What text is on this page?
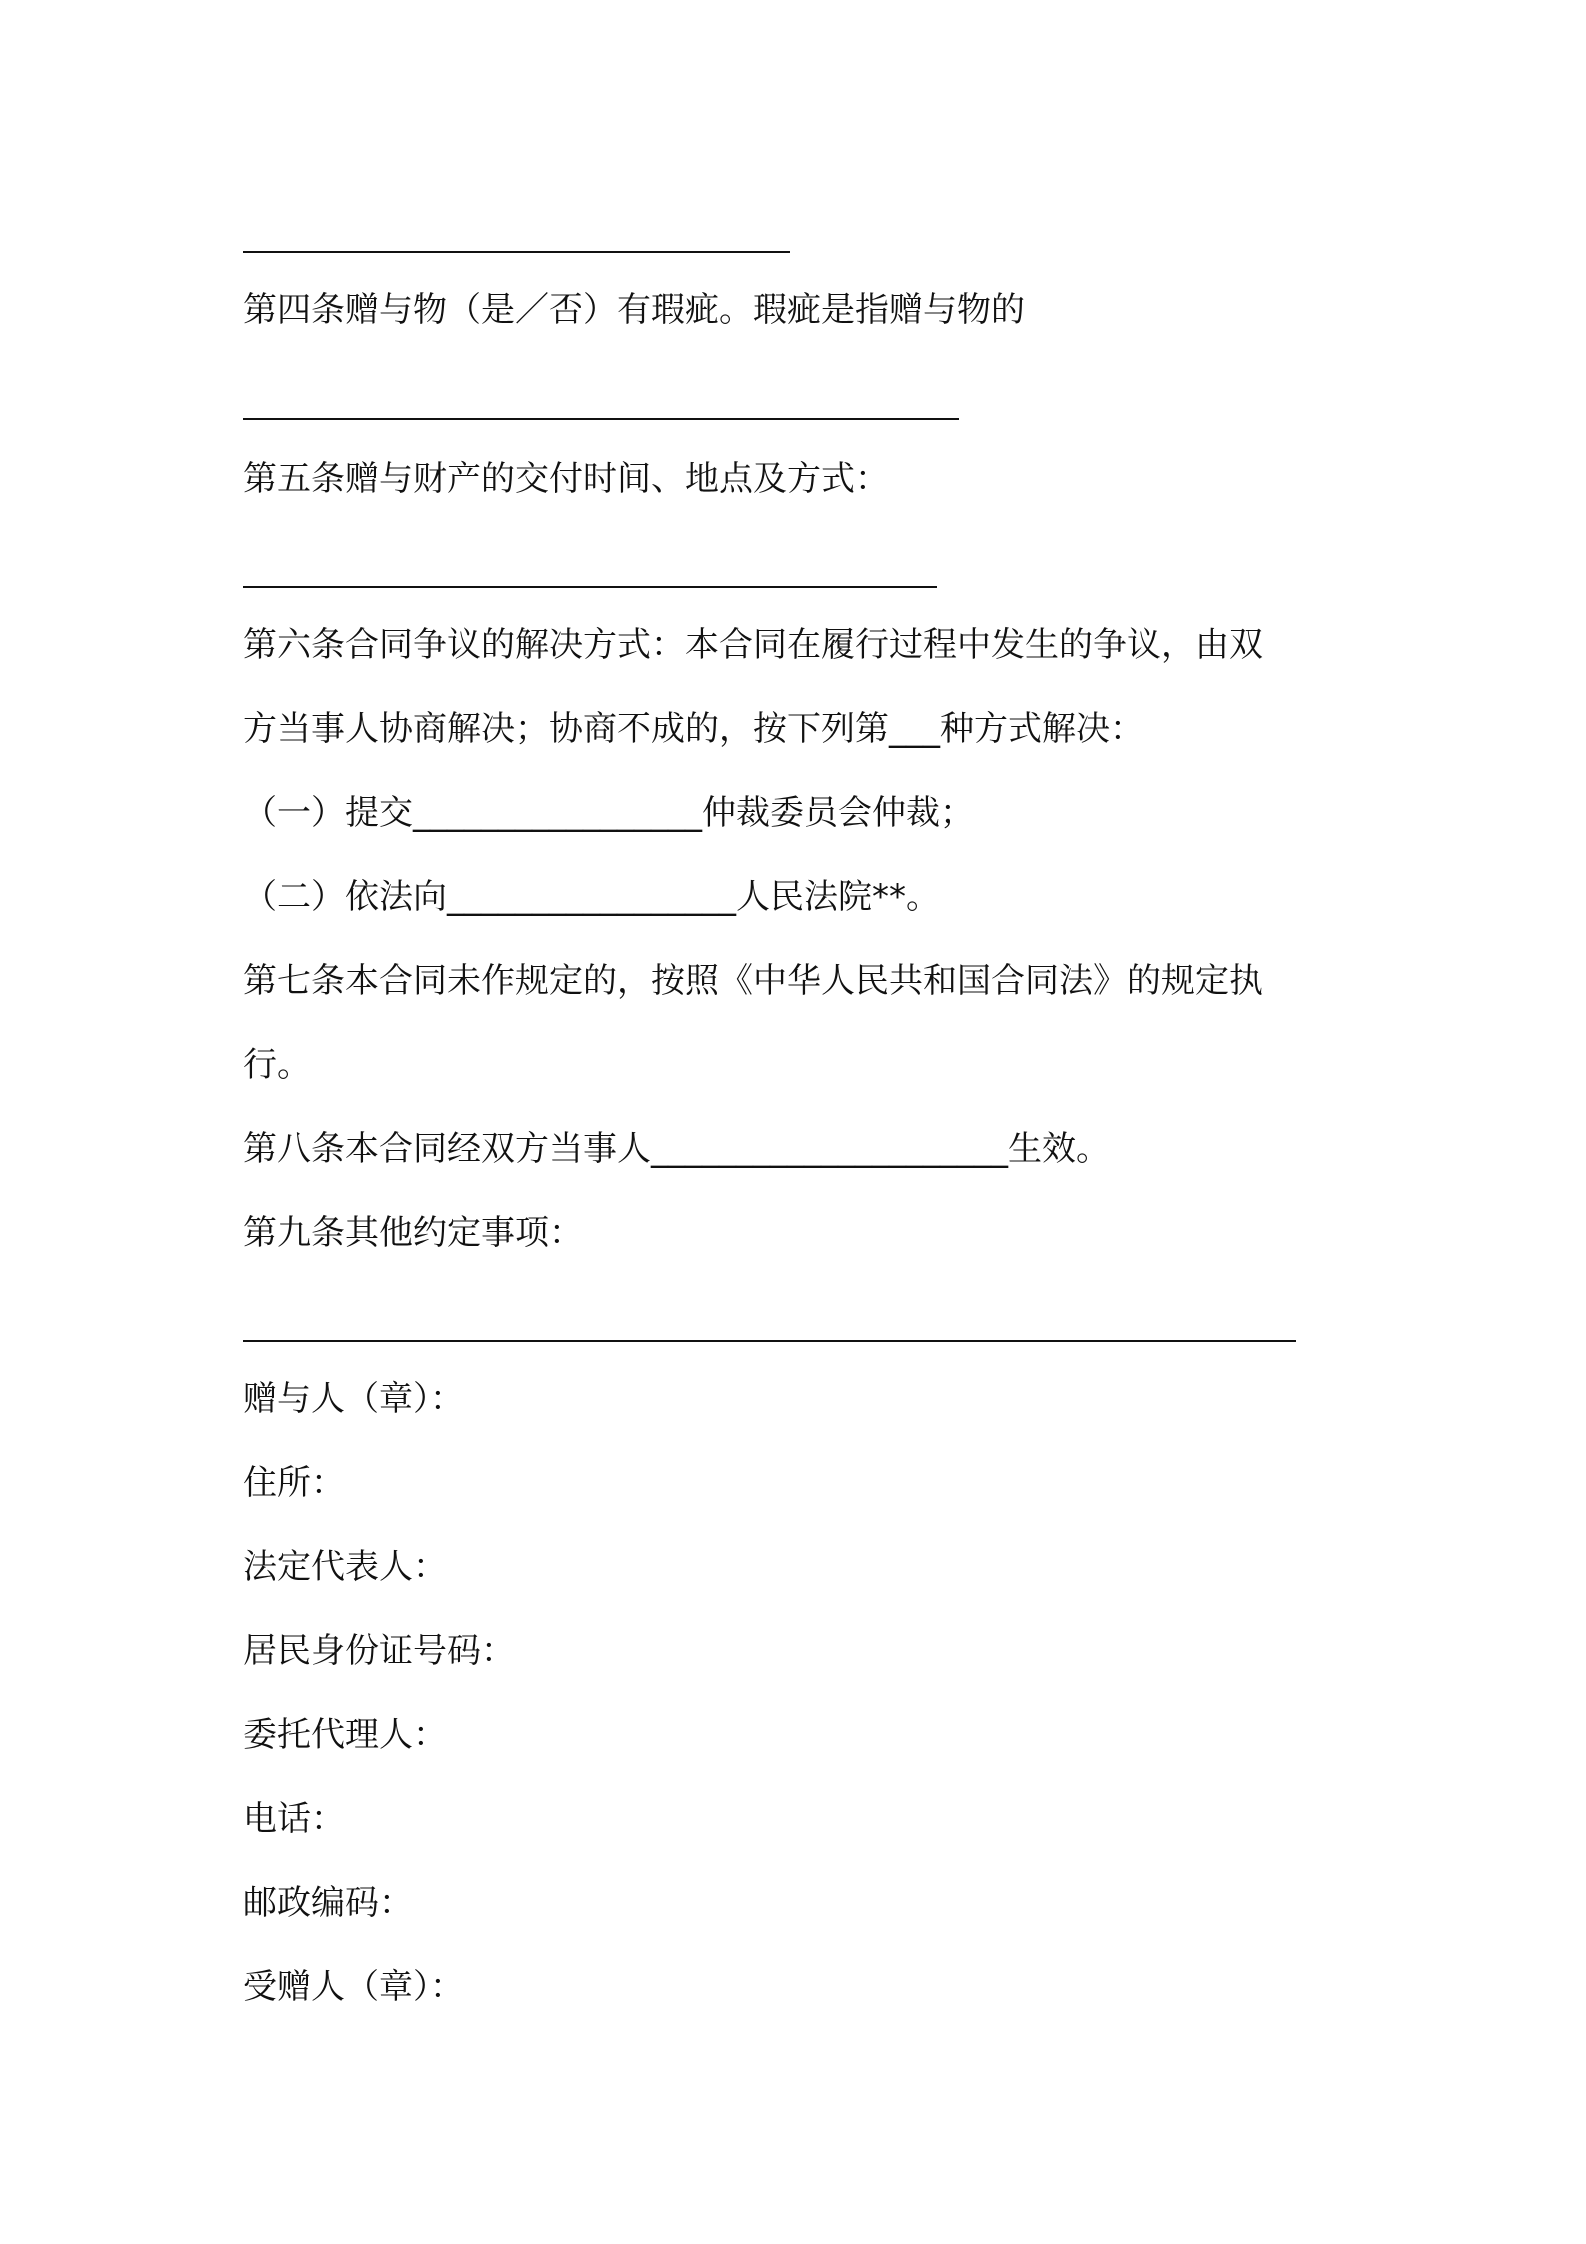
第四条赠与物（是／否）有瑕疵。瑕疵是指赠与物的
第五条赠与财产的交付时间、地点及方式：
第六条合同争议的解决方式：本合同在履行过程中发生的争议，由双
方当事人协商解决；协商不成的，按下列第___种方式解决：
（一）提交_________________仲裁委员会仲裁；
（二）依法向_________________人民法院**。
第七条本合同未作规定的，按照《中华人民共和国合同法》的规定执
行。
第八条本合同经双方当事人_____________________生效。
第九条其他约定事项：
赠与人（章）：
住所：
法定代表人：
居民身份证号码：
委托代理人：
电话：
邮政编码：
受赠人（章）：
